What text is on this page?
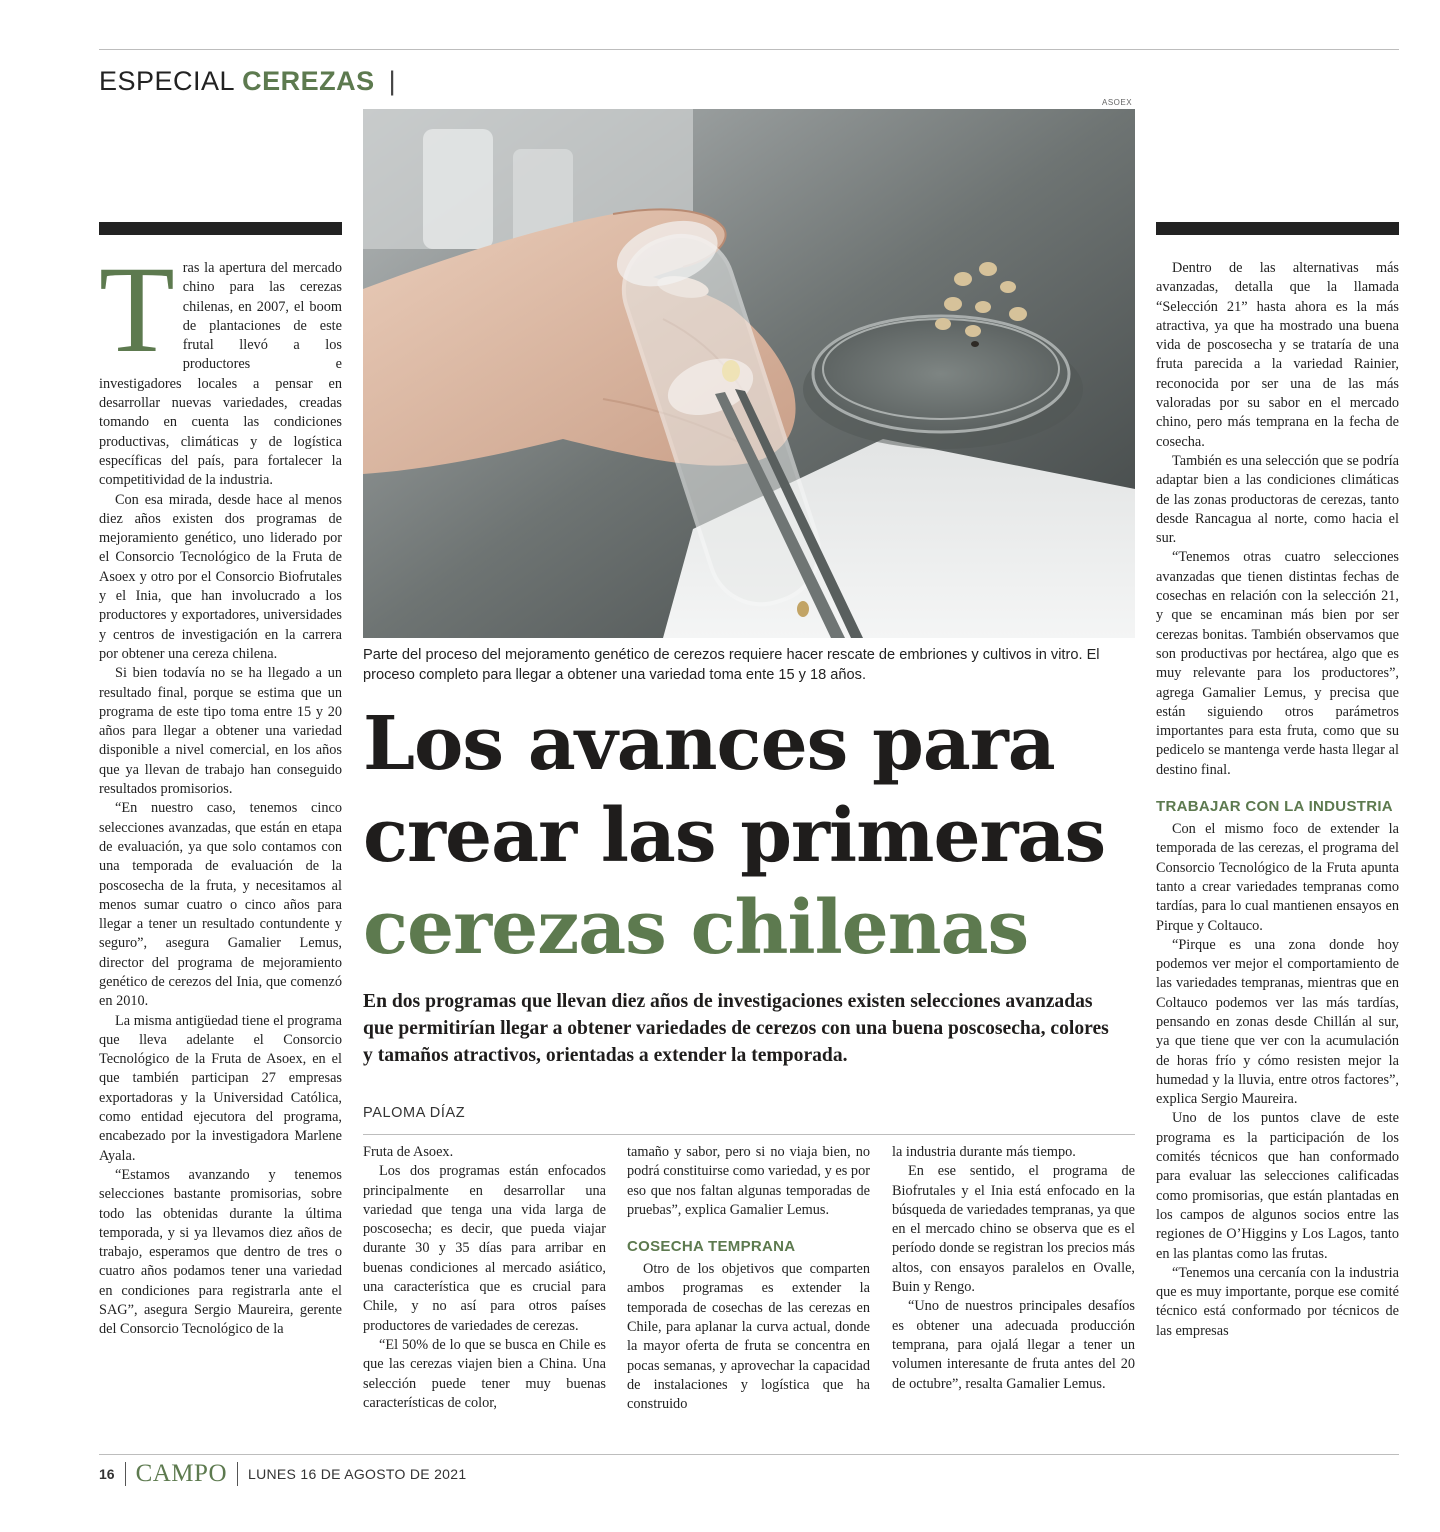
ESPECIAL CEREZAS |
ASOEX
Parte del proceso del mejoramento genético de cerezos requiere hacer rescate de embriones y cultivos in vitro. El proceso completo para llegar a obtener una variedad toma ente 15 y 18 años.
Los avances para
crear las primeras
cerezas chilenas
En dos programas que llevan diez años de investigaciones existen selecciones avanzadas que permitirían llegar a obtener variedades de cerezos con una buena poscosecha, colores y tamaños atractivos, orientadas a extender la temporada.
PALOMA DÍAZ

Tras la apertura del mercado chino para las cerezas chilenas, en 2007, el boom de plantaciones de este frutal llevó a los productores e investigadores locales a pensar en desarrollar nuevas variedades, creadas tomando en cuenta las condiciones productivas, climáticas y de logística específicas del país, para fortalecer la competitividad de la industria.

Con esa mirada, desde hace al menos diez años existen dos programas de mejoramiento genético, uno liderado por el Consorcio Tecnológico de la Fruta de Asoex y otro por el Consorcio Biofrutales y el Inia, que han involucrado a los productores y exportadores, universidades y centros de investigación en la carrera por obtener una cereza chilena.

Si bien todavía no se ha llegado a un resultado final, porque se estima que un programa de este tipo toma entre 15 y 20 años para llegar a obtener una variedad disponible a nivel comercial, en los años que ya llevan de trabajo han conseguido resultados promisorios.

“En nuestro caso, tenemos cinco selecciones avanzadas, que están en etapa de evaluación, ya que solo contamos con una temporada de evaluación de la poscosecha de la fruta, y necesitamos al menos sumar cuatro o cinco años para llegar a tener un resultado contundente y seguro”, asegura Gamalier Lemus, director del programa de mejoramiento genético de cerezos del Inia, que comenzó en 2010.

La misma antigüedad tiene el programa que lleva adelante el Consorcio Tecnológico de la Fruta de Asoex, en el que también participan 27 empresas exportadoras y la Universidad Católica, como entidad ejecutora del programa, encabezado por la investigadora Marlene Ayala.

“Estamos avanzando y tenemos selecciones bastante promisorias, sobre todo las obtenidas durante la última temporada, y si ya llevamos diez años de trabajo, esperamos que dentro de tres o cuatro años podamos tener una variedad en condiciones para registrarla ante el SAG”, asegura Sergio Maureira, gerente del Consorcio Tecnológico de la

Fruta de Asoex.

Los dos programas están enfocados principalmente en desarrollar una variedad que tenga una vida larga de poscosecha; es decir, que pueda viajar durante 30 y 35 días para arribar en buenas condiciones al mercado asiático, una característica que es crucial para Chile, y no así para otros países productores de variedades de cerezas.

“El 50% de lo que se busca en Chile es que las cerezas viajen bien a China. Una selección puede tener muy buenas características de color,

tamaño y sabor, pero si no viaja bien, no podrá constituirse como variedad, y es por eso que nos faltan algunas temporadas de pruebas”, explica Gamalier Lemus.

COSECHA TEMPRANA

Otro de los objetivos que comparten ambos programas es extender la temporada de cosechas de las cerezas en Chile, para aplanar la curva actual, donde la mayor oferta de fruta se concentra en pocas semanas, y aprovechar la capacidad de instalaciones y logística que ha construido

la industria durante más tiempo.

En ese sentido, el programa de Biofrutales y el Inia está enfocado en la búsqueda de variedades tempranas, ya que en el mercado chino se observa que es el período donde se registran los precios más altos, con ensayos paralelos en Ovalle, Buin y Rengo.

“Uno de nuestros principales desafíos es obtener una adecuada producción temprana, para ojalá llegar a tener un volumen interesante de fruta antes del 20 de octubre”, resalta Gamalier Lemus.

Dentro de las alternativas más avanzadas, detalla que la llamada “Selección 21” hasta ahora es la más atractiva, ya que ha mostrado una buena vida de poscosecha y se trataría de una fruta parecida a la variedad Rainier, reconocida por ser una de las más valoradas por su sabor en el mercado chino, pero más temprana en la fecha de cosecha.

También es una selección que se podría adaptar bien a las condiciones climáticas de las zonas productoras de cerezas, tanto desde Rancagua al norte, como hacia el sur.

“Tenemos otras cuatro selecciones avanzadas que tienen distintas fechas de cosechas en relación con la selección 21, y que se encaminan más bien por ser cerezas bonitas. También observamos que son productivas por hectárea, algo que es muy relevante para los productores”, agrega Gamalier Lemus, y precisa que están siguiendo otros parámetros importantes para esta fruta, como que su pedicelo se mantenga verde hasta llegar al destino final.

TRABAJAR CON LA INDUSTRIA

Con el mismo foco de extender la temporada de las cerezas, el programa del Consorcio Tecnológico de la Fruta apunta tanto a crear variedades tempranas como tardías, para lo cual mantienen ensayos en Pirque y Coltauco.

“Pirque es una zona donde hoy podemos ver mejor el comportamiento de las variedades tempranas, mientras que en Coltauco podemos ver las más tardías, pensando en zonas desde Chillán al sur, ya que tiene que ver con la acumulación de horas frío y cómo resisten mejor la humedad y la lluvia, entre otros factores”, explica Sergio Maureira.

Uno de los puntos clave de este programa es la participación de los comités técnicos que han conformado para evaluar las selecciones calificadas como promisorias, que están plantadas en los campos de algunos socios entre las regiones de O’Higgins y Los Lagos, tanto en las plantas como las frutas.

“Tenemos una cercanía con la industria que es muy importante, porque ese comité técnico está conformado por técnicos de las empresas

16 CAMPO LUNES 16 DE AGOSTO DE 2021
